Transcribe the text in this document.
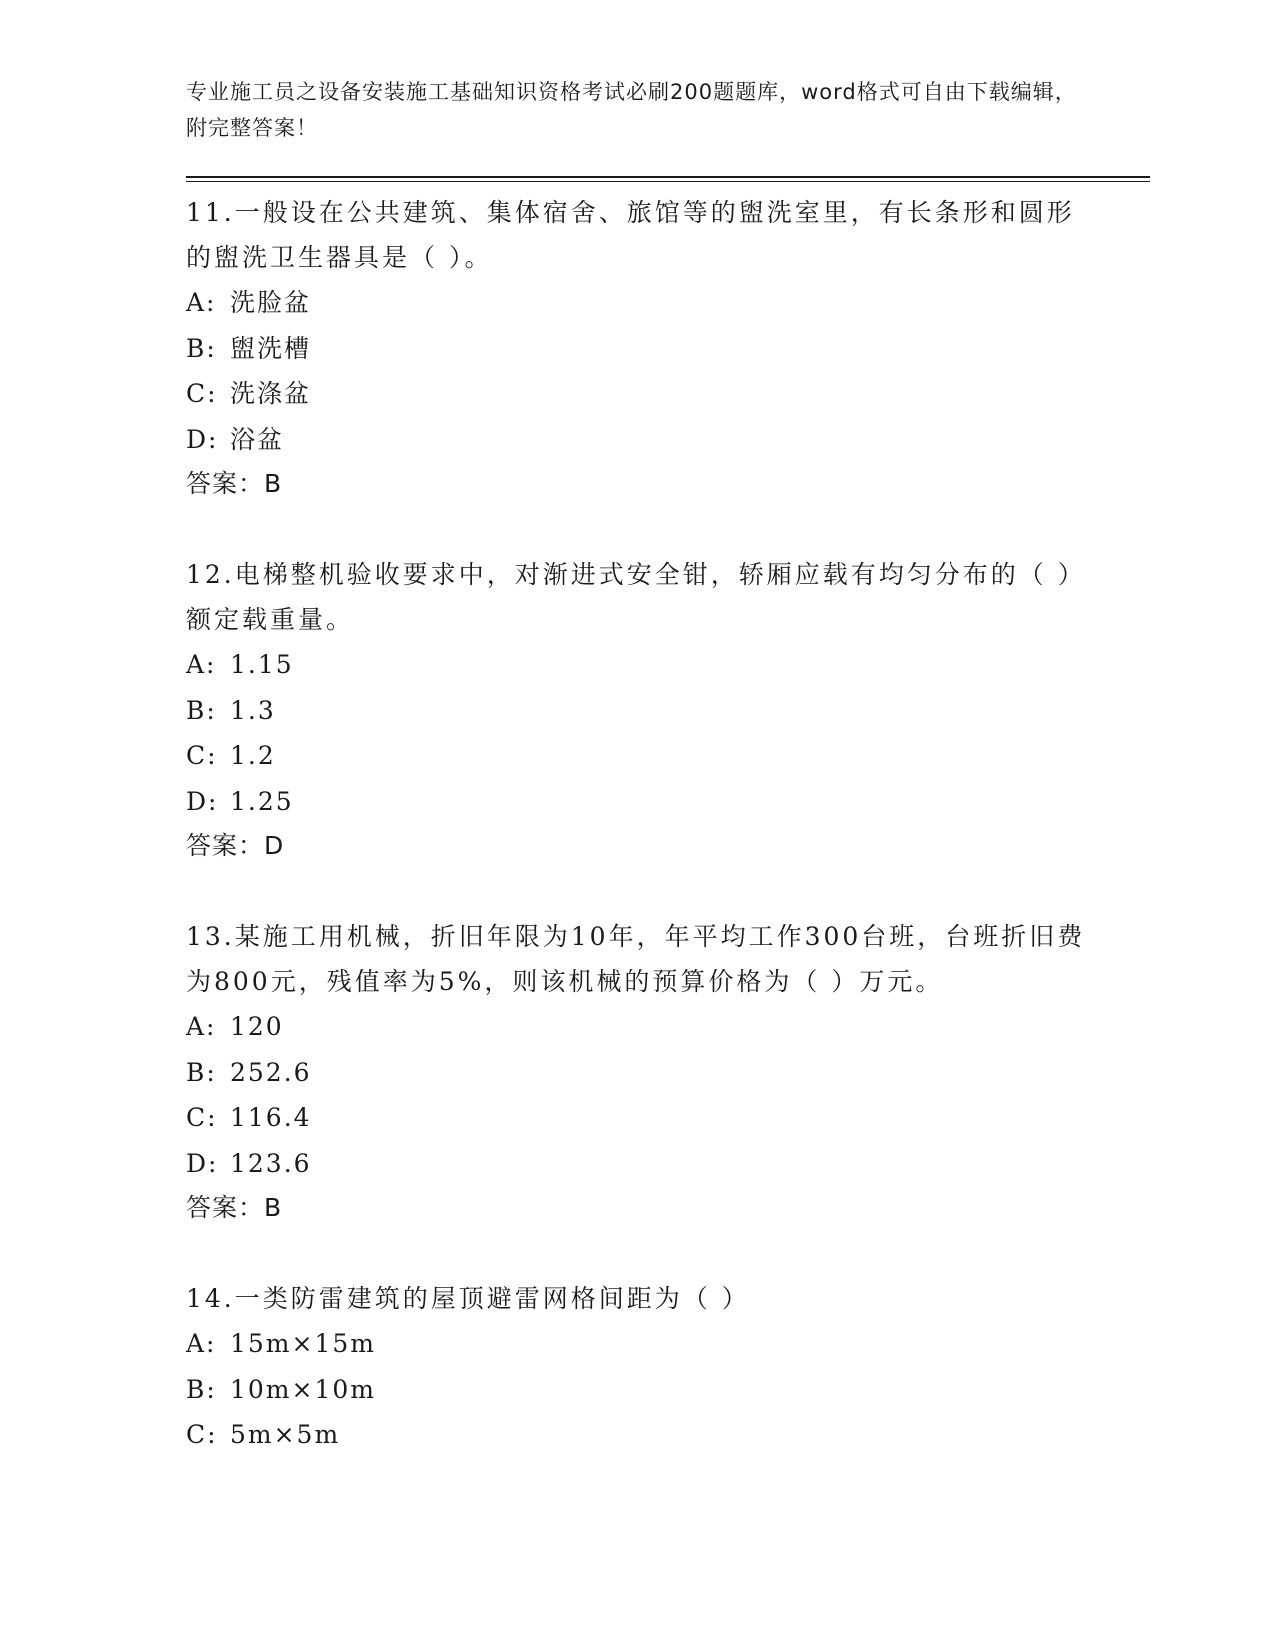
专业施工员之设备安装施工基础知识资格考试必刷200题题库，word格式可自由下载编辑，附完整答案！

11.一般设在公共建筑、集体宿舍、旅馆等的盥洗室里，有长条形和圆形的盥洗卫生器具是（ ）。

A: 洗脸盆
B: 盥洗槽
C: 洗涤盆
D: 浴盆

答案：B

12.电梯整机验收要求中，对渐进式安全钳，轿厢应载有均匀分布的（ ）额定载重量。

A: 1.15
B: 1.3
C: 1.2
D: 1.25

答案：D

13.某施工用机械，折旧年限为10年，年平均工作300台班，台班折旧费为800元，残值率为5%，则该机械的预算价格为（ ）万元。

A: 120
B: 252.6
C: 116.4
D: 123.6

答案：B

14.一类防雷建筑的屋顶避雷网格间距为（ ）

A: 15m×15m
B: 10m×10m
C: 5m×5m
